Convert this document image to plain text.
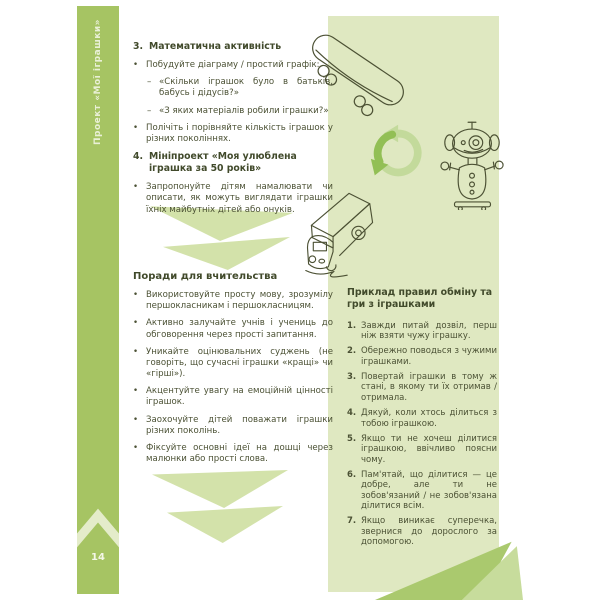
Проект «Мої іграшки»
14
3. Математична активність
• Побудуйте діаграму / простий графік:
– «Скільки іграшок було в батьків, бабусь і дідусів?»
– «З яких матеріалів робили іграшки?»
• Полічіть і порівняйте кількість іграшок у різних поколіннях.
4. Мініпроект «Моя улюблена іграшка за 50 років»
• Запропонуйте дітям намалювати чи описати, як можуть виглядати іграшки їхніх майбутніх дітей або онуків.
Поради для вчительства
• Використовуйте просту мову, зрозумілу першокласникам і першокласницям.
• Активно залучайте учнів і учениць до обговорення через прості запитання.
• Уникайте оцінювальних суджень (не говоріть, що сучасні іграшки «кращі» чи «гірші»).
• Акцентуйте увагу на емоційній цінності іграшок.
• Заохочуйте дітей поважати іграшки різних поколінь.
• Фіксуйте основні ідеї на дошці через малюнки або прості слова.
Приклад правил обміну та гри з іграшками
1. Завжди питай дозвіл, перш ніж взяти чужу іграшку.
2. Обережно поводься з чужими іграшками.
3. Повертай іграшки в тому ж стані, в якому ти їх отримав / отримала.
4. Дякуй, коли хтось ділиться з тобою іграшкою.
5. Якщо ти не хочеш ділитися іграшкою, ввічливо поясни чому.
6. Пам'ятай, що ділитися — це добре, але ти не зобов'язаний / не зобов'язана ділитися всім.
7. Якщо виникає суперечка, звернися до дорослого за допомогою.
